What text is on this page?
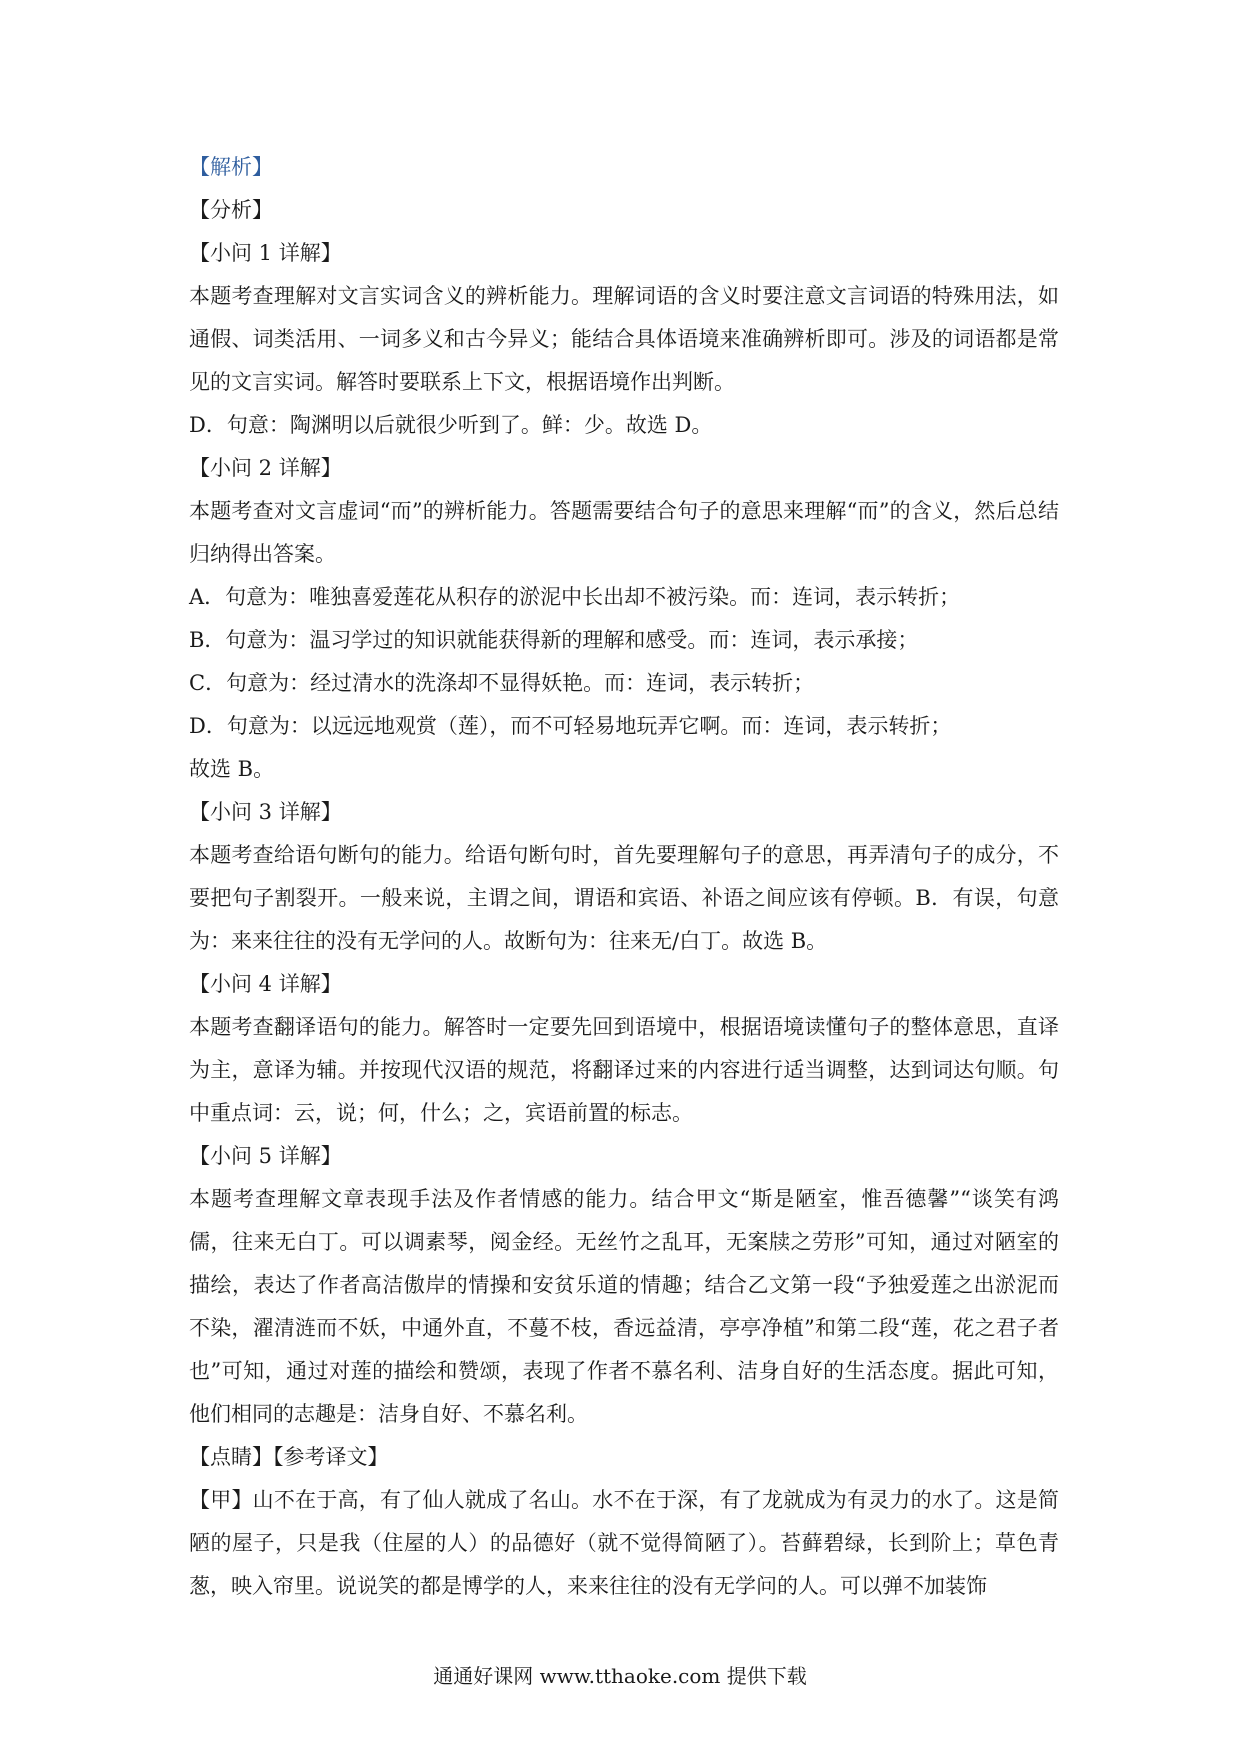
【解析】
【分析】
【小问 1 详解】
本题考查理解对文言实词含义的辨析能力。理解词语的含义时要注意文言词语的特殊用法，如通假、词类活用、一词多义和古今异义；能结合具体语境来准确辨析即可。涉及的词语都是常见的文言实词。解答时要联系上下文，根据语境作出判断。
D．句意：陶渊明以后就很少听到了。鲜：少。故选 D。
【小问 2 详解】
本题考查对文言虚词“而”的辨析能力。答题需要结合句子的意思来理解“而”的含义，然后总结归纳得出答案。
A．句意为：唯独喜爱莲花从积存的淤泥中长出却不被污染。而：连词，表示转折；
B．句意为：温习学过的知识就能获得新的理解和感受。而：连词，表示承接；
C．句意为：经过清水的洗涤却不显得妖艳。而：连词，表示转折；
D．句意为：以远远地观赏（莲），而不可轻易地玩弄它啊。而：连词，表示转折；
故选 B。
【小问 3 详解】
本题考查给语句断句的能力。给语句断句时，首先要理解句子的意思，再弄清句子的成分，不要把句子割裂开。一般来说，主谓之间，谓语和宾语、补语之间应该有停顿。B．有误，句意为：来来往往的没有无学问的人。故断句为：往来无/白丁。故选 B。
【小问 4 详解】
本题考查翻译语句的能力。解答时一定要先回到语境中，根据语境读懂句子的整体意思，直译为主，意译为辅。并按现代汉语的规范，将翻译过来的内容进行适当调整，达到词达句顺。句中重点词：云，说；何，什么；之，宾语前置的标志。
【小问 5 详解】
本题考查理解文章表现手法及作者情感的能力。结合甲文“斯是陋室，惟吾德馨”“谈笑有鸿儒，往来无白丁。可以调素琴，阅金经。无丝竹之乱耳，无案牍之劳形”可知，通过对陋室的描绘，表达了作者高洁傲岸的情操和安贫乐道的情趣；结合乙文第一段“予独爱莲之出淤泥而不染，濯清涟而不妖，中通外直，不蔓不枝，香远益清，亭亭净植”和第二段“莲，花之君子者也”可知，通过对莲的描绘和赞颂，表现了作者不慕名利、洁身自好的生活态度。据此可知，他们相同的志趣是：洁身自好、不慕名利。
【点睛】【参考译文】
【甲】山不在于高，有了仙人就成了名山。水不在于深，有了龙就成为有灵力的水了。这是简陋的屋子，只是我（住屋的人）的品德好（就不觉得简陋了）。苔藓碧绿，长到阶上；草色青葱，映入帘里。说说笑的都是博学的人，来来往往的没有无学问的人。可以弹不加装饰
通通好课网 www.tthaoke.com 提供下载
